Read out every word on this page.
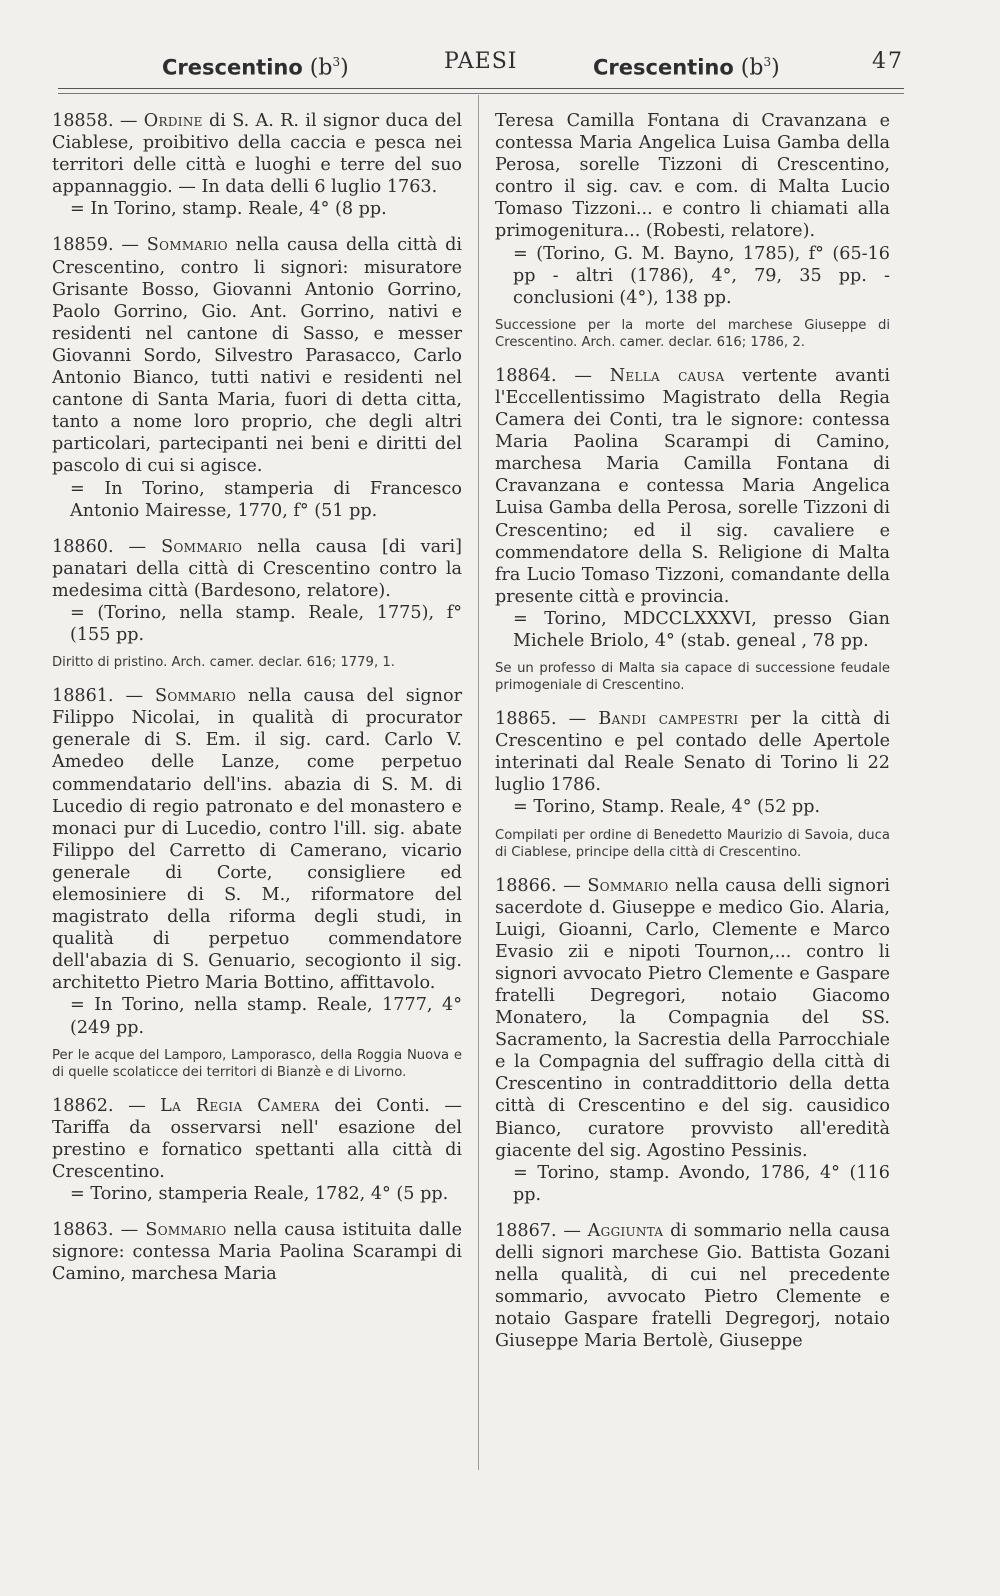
Crescentino $(b^3)$	PAESI	Crescentino $(b^3)$	47

18858. — Ordine di S. A. R. il signor duca del Ciablese, proibitivo della caccia e pesca nei territori delle città e luoghi e terre del suo appannaggio. — In data delli 6 luglio 1763.
= In Torino, stamp. Reale, 4° (8 pp.

18859. — Sommario nella causa della città di Crescentino, contro li signori: misuratore Grisante Bosso, Giovanni Antonio Gorrino, Paolo Gorrino, Gio. Ant. Gorrino, nativi e residenti nel cantone di Sasso, e messer Giovanni Sordo, Silvestro Parasacco, Carlo Antonio Bianco, tutti nativi e residenti nel cantone di Santa Maria, fuori di detta citta, tanto a nome loro proprio, che degli altri particolari, partecipanti nei beni e diritti del pascolo di cui si agisce.
= In Torino, stamperia di Francesco Antonio Mairesse, 1770, f° (51 pp.

18860. — Sommario nella causa [di vari] panatari della città di Crescentino contro la medesima città (Bardesono, relatore).
= (Torino, nella stamp. Reale, 1775), f° (155 pp.
Diritto di pristino. Arch. camer. declar. 616; 1779, 1.

18861. — Sommario nella causa del signor Filippo Nicolai, in qualità di procurator generale di S. Em. il sig. card. Carlo V. Amedeo delle Lanze, come perpetuo commendatario dell'ins. abazia di S. M. di Lucedio di regio patronato e del monastero e monaci pur di Lucedio, contro l'ill. sig. abate Filippo del Carretto di Camerano, vicario generale di Corte, consigliere ed elemosiniere di S. M., riformatore del magistrato della riforma degli studi, in qualità di perpetuo commendatore dell'abazia di S. Genuario, secogionto il sig. architetto Pietro Maria Bottino, affittavolo.
= In Torino, nella stamp. Reale, 1777, 4° (249 pp.
Per le acque del Lamporo, Lamporasco, della Roggia Nuova e di quelle scolaticce dei territori di Bianzè e di Livorno.

18862. — La Regia Camera dei Conti. — Tariffa da osservarsi nell' esazione del prestino e fornatico spettanti alla città di Crescentino.
= Torino, stamperia Reale, 1782, 4° (5 pp.

18863. — Sommario nella causa istituita dalle signore: contessa Maria Paolina Scarampi di Camino, marchesa Maria

Teresa Camilla Fontana di Cravanzana e contessa Maria Angelica Luisa Gamba della Perosa, sorelle Tizzoni di Crescentino, contro il sig. cav. e com. di Malta Lucio Tomaso Tizzoni... e contro li chiamati alla primogenitura... (Robesti, relatore).
= (Torino, G. M. Bayno, 1785), f° (65-16 pp - altri (1786), 4°, 79, 35 pp. - conclusioni (4°), 138 pp.
Successione per la morte del marchese Giuseppe di Crescentino. Arch. camer. declar. 616; 1786, 2.

18864. — Nella causa vertente avanti l'Eccellentissimo Magistrato della Regia Camera dei Conti, tra le signore: contessa Maria Paolina Scarampi di Camino, marchesa Maria Camilla Fontana di Cravanzana e contessa Maria Angelica Luisa Gamba della Perosa, sorelle Tizzoni di Crescentino; ed il sig. cavaliere e commendatore della S. Religione di Malta fra Lucio Tomaso Tizzoni, comandante della presente città e provincia.
= Torino, MDCCLXXXVI, presso Gian Michele Briolo, 4° (stab. geneal , 78 pp.
Se un professo di Malta sia capace di successione feudale primogeniale di Crescentino.

18865. — Bandi campestri per la città di Crescentino e pel contado delle Apertole interinati dal Reale Senato di Torino li 22 luglio 1786.
= Torino, Stamp. Reale, 4° (52 pp.
Compilati per ordine di Benedetto Maurizio di Savoia, duca di Ciablese, principe della città di Crescentino.

18866. — Sommario nella causa delli signori sacerdote d. Giuseppe e medico Gio. Alaria, Luigi, Gioanni, Carlo, Clemente e Marco Evasio zii e nipoti Tournon,... contro li signori avvocato Pietro Clemente e Gaspare fratelli Degregori, notaio Giacomo Monatero, la Compagnia del SS. Sacramento, la Sacrestia della Parrocchiale e la Compagnia del suffragio della città di Crescentino in contraddittorio della detta città di Crescentino e del sig. causidico Bianco, curatore provvisto all'eredità giacente del sig. Agostino Pessinis.
= Torino, stamp. Avondo, 1786, 4° (116 pp.

18867. — Aggiunta di sommario nella causa delli signori marchese Gio. Battista Gozani nella qualità, di cui nel precedente sommario, avvocato Pietro Clemente e notaio Gaspare fratelli Degregorj, notaio Giuseppe Maria Bertolè, Giuseppe
